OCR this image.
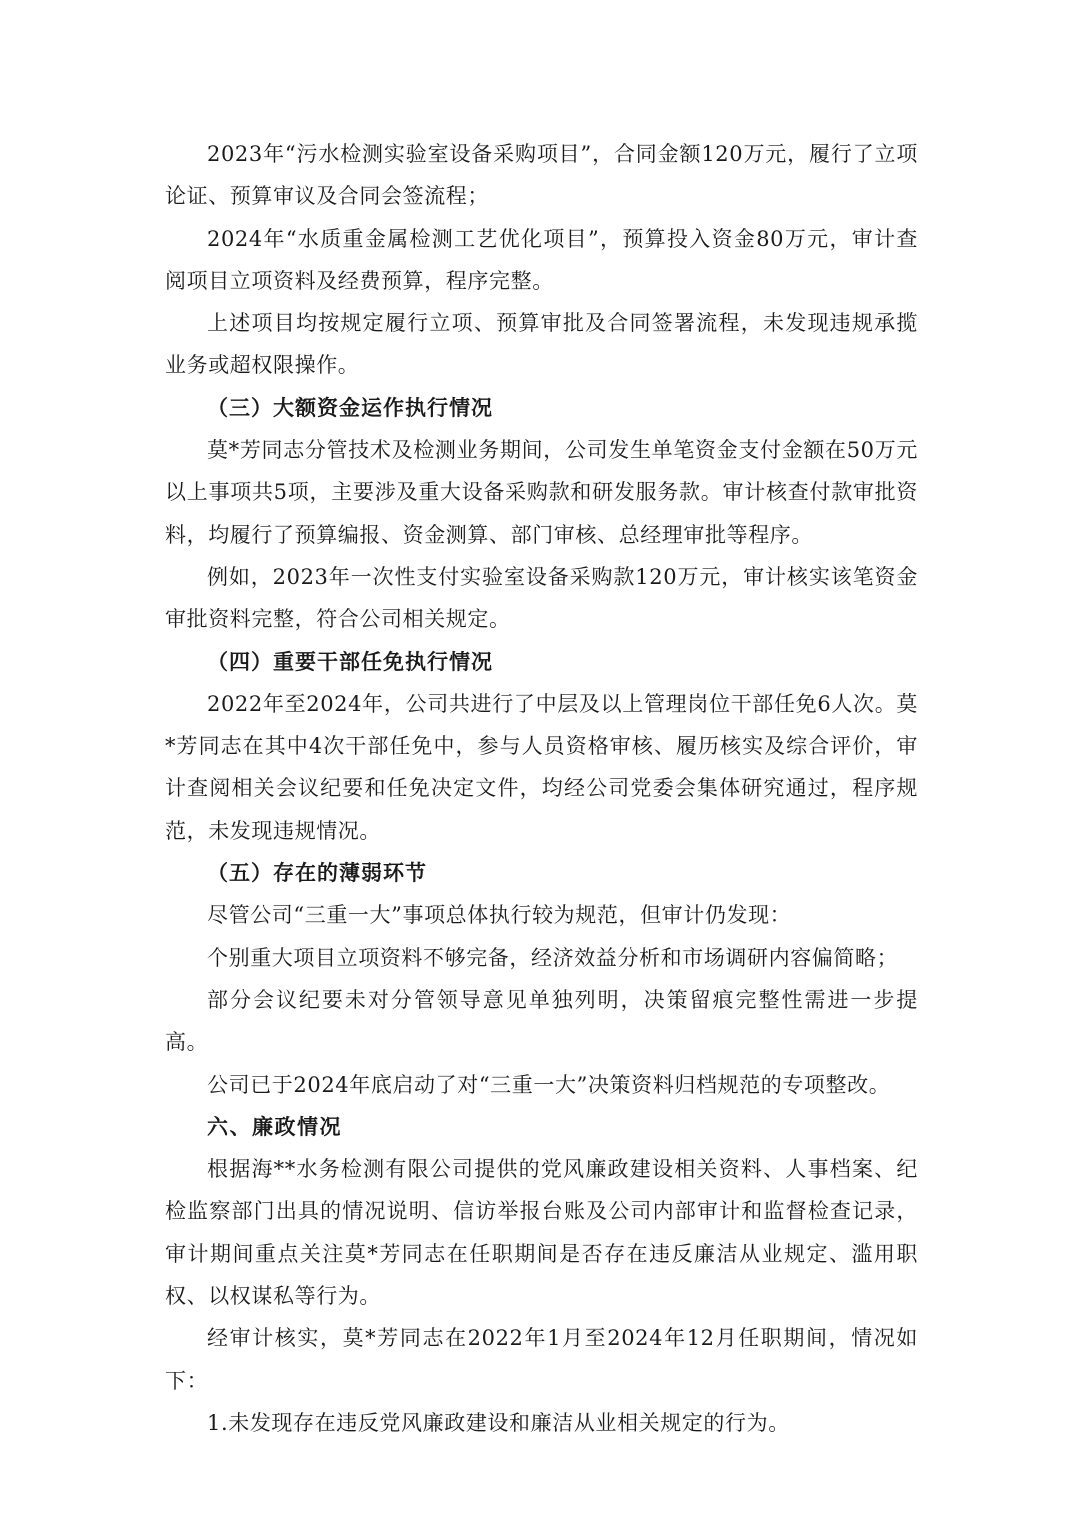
2023年“污水检测实验室设备采购项目”，合同金额120万元，履行了立项论证、预算审议及合同会签流程；

2024年“水质重金属检测工艺优化项目”，预算投入资金80万元，审计查阅项目立项资料及经费预算，程序完整。

上述项目均按规定履行立项、预算审批及合同签署流程，未发现违规承揽业务或超权限操作。

（三）大额资金运作执行情况

莫*芳同志分管技术及检测业务期间，公司发生单笔资金支付金额在50万元以上事项共5项，主要涉及重大设备采购款和研发服务款。审计核查付款审批资料，均履行了预算编报、资金测算、部门审核、总经理审批等程序。

例如，2023年一次性支付实验室设备采购款120万元，审计核实该笔资金审批资料完整，符合公司相关规定。

（四）重要干部任免执行情况

2022年至2024年，公司共进行了中层及以上管理岗位干部任免6人次。莫*芳同志在其中4次干部任免中，参与人员资格审核、履历核实及综合评价，审计查阅相关会议纪要和任免决定文件，均经公司党委会集体研究通过，程序规范，未发现违规情况。

（五）存在的薄弱环节

尽管公司“三重一大”事项总体执行较为规范，但审计仍发现：

个别重大项目立项资料不够完备，经济效益分析和市场调研内容偏简略；

部分会议纪要未对分管领导意见单独列明，决策留痕完整性需进一步提高。

公司已于2024年底启动了对“三重一大”决策资料归档规范的专项整改。

六、廉政情况

根据海**水务检测有限公司提供的党风廉政建设相关资料、人事档案、纪检监察部门出具的情况说明、信访举报台账及公司内部审计和监督检查记录，审计期间重点关注莫*芳同志在任职期间是否存在违反廉洁从业规定、滥用职权、以权谋私等行为。

经审计核实，莫*芳同志在2022年1月至2024年12月任职期间，情况如下：

1.未发现存在违反党风廉政建设和廉洁从业相关规定的行为。
